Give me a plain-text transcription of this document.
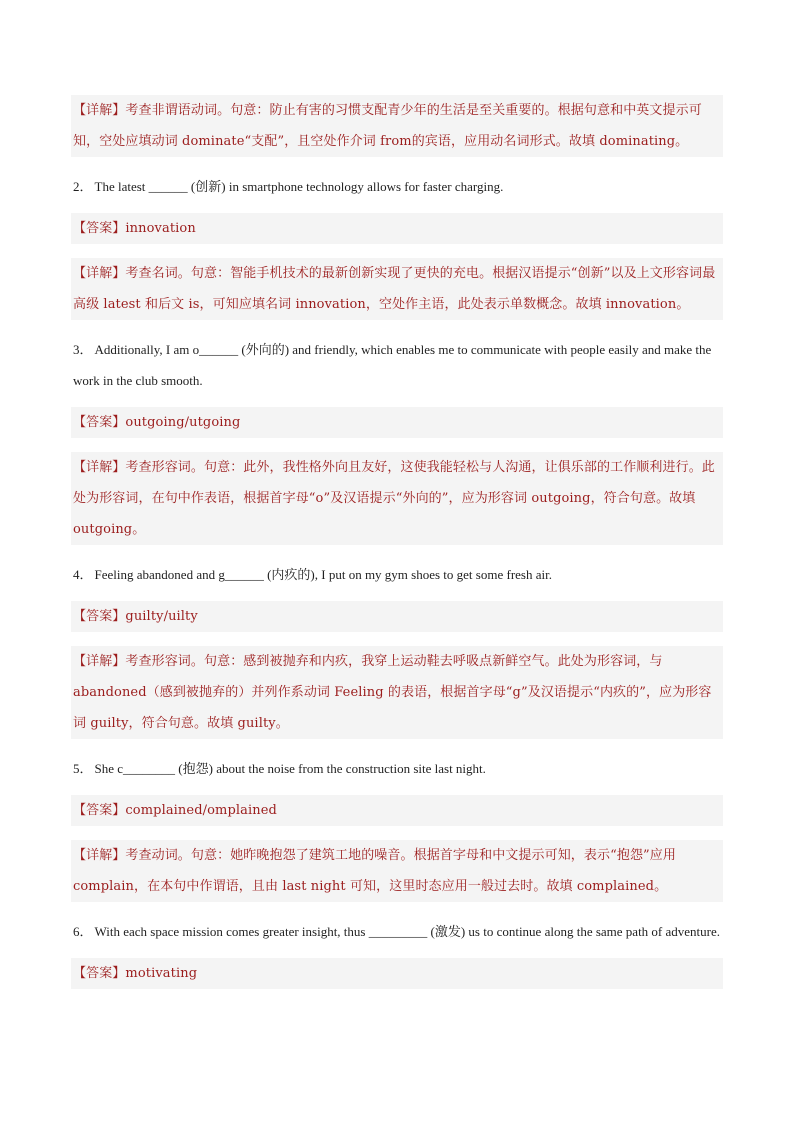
【详解】考查非谓语动词。句意：防止有害的习惯支配青少年的生活是至关重要的。根据句意和中英文提示可知，空处应填动词 dominate“支配”，且空处作介词 from的宾语，应用动名词形式。故填 dominating。
2． The latest ______ (创新) in smartphone technology allows for faster charging.
【答案】innovation
【详解】考查名词。句意：智能手机技术的最新创新实现了更快的充电。根据汉语提示“创新”以及上文形容词最高级 latest 和后文 is，可知应填名词 innovation，空处作主语，此处表示单数概念。故填 innovation。
3． Additionally, I am o______ (外向的) and friendly, which enables me to communicate with people easily and make the work in the club smooth.
【答案】outgoing/utgoing
【详解】考查形容词。句意：此外，我性格外向且友好，这使我能轻松与人沟通，让俱乐部的工作顺利进行。此处为形容词，在句中作表语，根据首字母“o”及汉语提示“外向的”，应为形容词 outgoing，符合句意。故填 outgoing。
4． Feeling abandoned and g______ (内疚的), I put on my gym shoes to get some fresh air.
【答案】guilty/uilty
【详解】考查形容词。句意：感到被抛弃和内疚，我穿上运动鞋去呼吸点新鲜空气。此处为形容词，与 abandoned（感到被抛弃的）并列作系动词 Feeling 的表语，根据首字母“g”及汉语提示“内疚的”，应为形容词 guilty，符合句意。故填 guilty。
5． She c________ (抱怨) about the noise from the construction site last night.
【答案】complained/omplained
【详解】考查动词。句意：她昨晚抱怨了建筑工地的噪音。根据首字母和中文提示可知，表示“抱怨”应用 complain，在本句中作谓语，且由 last night 可知，这里时态应用一般过去时。故填 complained。
6． With each space mission comes greater insight, thus _________ (激发) us to continue along the same path of adventure.
【答案】motivating
